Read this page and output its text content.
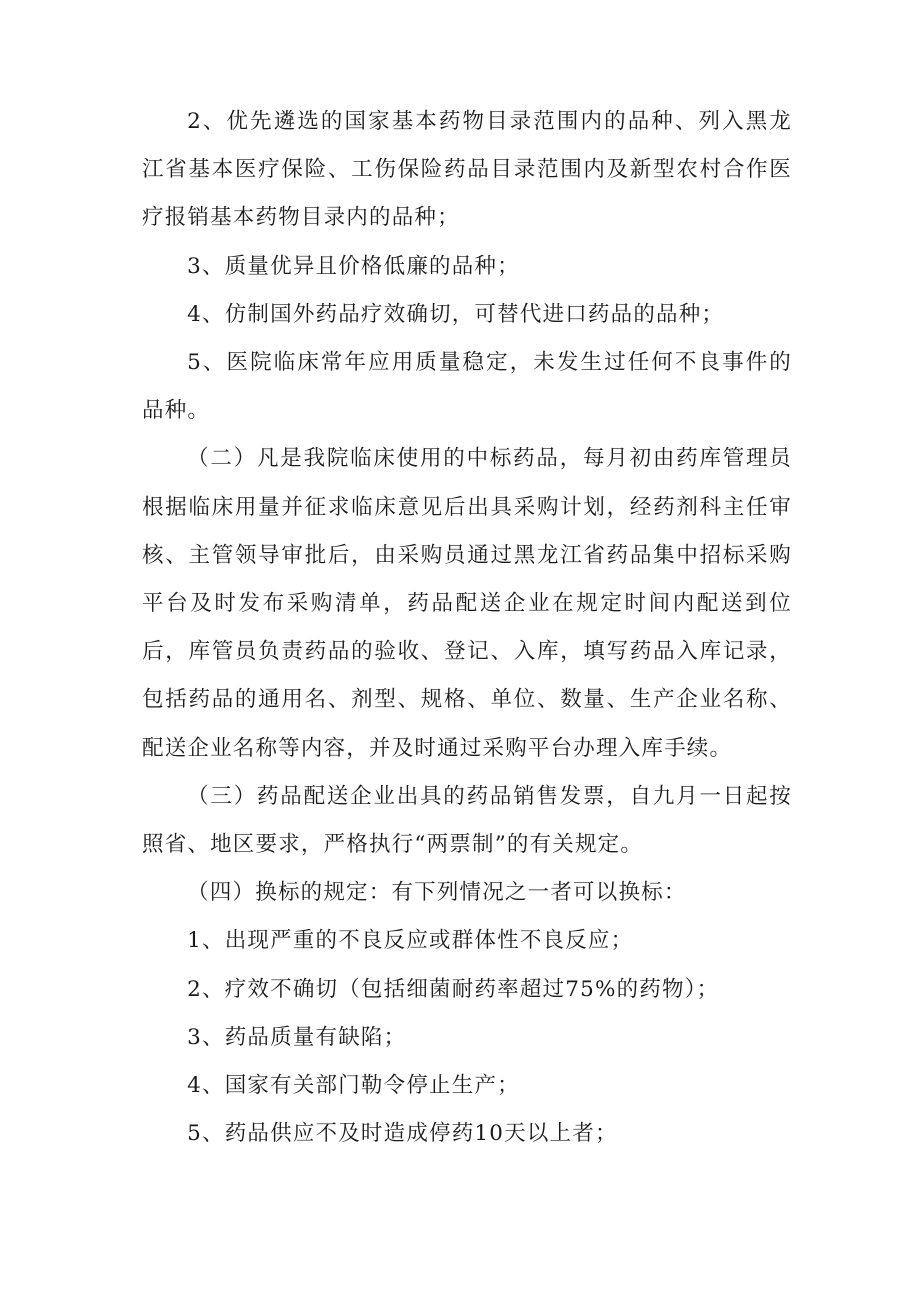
2、优先遴选的国家基本药物目录范围内的品种、列入黑龙江省基本医疗保险、工伤保险药品目录范围内及新型农村合作医疗报销基本药物目录内的品种；

3、质量优异且价格低廉的品种；

4、仿制国外药品疗效确切，可替代进口药品的品种；

5、医院临床常年应用质量稳定，未发生过任何不良事件的品种。

（二）凡是我院临床使用的中标药品，每月初由药库管理员根据临床用量并征求临床意见后出具采购计划，经药剂科主任审核、主管领导审批后，由采购员通过黑龙江省药品集中招标采购平台及时发布采购清单，药品配送企业在规定时间内配送到位后，库管员负责药品的验收、登记、入库，填写药品入库记录，包括药品的通用名、剂型、规格、单位、数量、生产企业名称、配送企业名称等内容，并及时通过采购平台办理入库手续。

（三）药品配送企业出具的药品销售发票，自九月一日起按照省、地区要求，严格执行“两票制”的有关规定。

（四）换标的规定：有下列情况之一者可以换标：

1、出现严重的不良反应或群体性不良反应；

2、疗效不确切（包括细菌耐药率超过75%的药物）；

3、药品质量有缺陷；

4、国家有关部门勒令停止生产；

5、药品供应不及时造成停药10天以上者；
